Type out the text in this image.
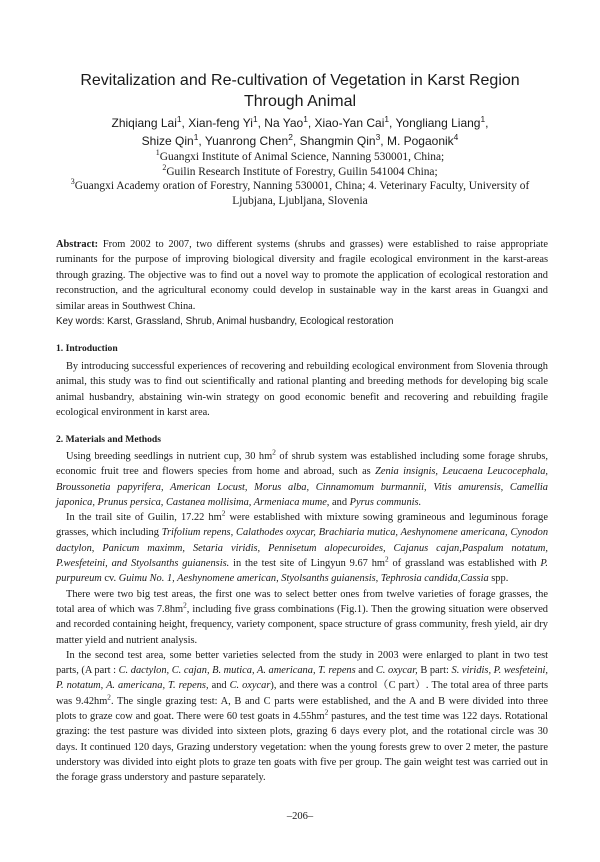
Revitalization and Re-cultivation of Vegetation in Karst Region
Through Animal
Zhiqiang Lai$^1$, Xian-feng Yi$^1$, Na Yao$^1$, Xiao-Yan Cai$^1$, Yongliang Liang$^1$,
Shize Qin$^1$, Yuanrong Chen$^2$, Shangmin Qin$^3$, M. Pogaonik$^4$
$^1$Guangxi Institute of Animal Science, Nanning 530001, China;
$^2$Guilin Research Institute of Forestry, Guilin 541004 China;
$^3$Guangxi Academy oration of Forestry, Nanning 530001, China; 4. Veterinary Faculty, University of
Ljubjana, Ljubljana, Slovenia
Abstract: From 2002 to 2007, two different systems (shrubs and grasses) were established to raise appropriate ruminants for the purpose of improving biological diversity and fragile ecological environment in the karst-areas through grazing. The objective was to find out a novel way to promote the application of ecological restoration and reconstruction, and the agricultural economy could develop in sustainable way in the karst areas in Guangxi and similar areas in Southwest China.
Key words: Karst, Grassland, Shrub, Animal husbandry, Ecological restoration
1. Introduction

By introducing successful experiences of recovering and rebuilding ecological environment from Slovenia through animal, this study was to find out scientifically and rational planting and breeding methods for developing big scale animal husbandry, abstaining win-win strategy on good economic benefit and recovering and rebuilding fragile ecological environment in karst area.

2. Materials and Methods

Using breeding seedlings in nutrient cup, 30 $hm^2$ of shrub system was established including some forage shrubs, economic fruit tree and flowers species from home and abroad, such as Zenia insignis, Leucaena Leucocephala, Broussonetia papyrifera, American Locust, Morus alba, Cinnamomum burmannii, Vitis amurensis, Camellia japonica, Prunus persica, Castanea mollisima, Armeniaca mume, and Pyrus communis.

In the trail site of Guilin, 17.22 $hm^2$ were established with mixture sowing gramineous and leguminous forage grasses, which including Trifolium repens, Calathodes oxycar, Brachiaria mutica, Aeshynomene americana, Cynodon dactylon, Panicum maximm, Setaria viridis, Pennisetum alopecuroides, Cajanus cajan,Paspalum notatum, P.wesfeteini, and Styolsanths guianensis. in the test site of Lingyun 9.67 $hm^2$ of grassland was established with P. purpureum cv. Guimu No. 1, Aeshynomene american, Styolsanths guianensis, Tephrosia candida,Cassia spp.

There were two big test areas, the first one was to select better ones from twelve varieties of forage grasses, the total area of which was $7.8hm^2$, including five grass combinations (Fig.1). Then the growing situation were observed and recorded containing height, frequency, variety component, space structure of grass community, fresh yield, air dry matter yield and nutrient analysis.

In the second test area, some better varieties selected from the study in 2003 were enlarged to plant in two test parts, (A part : C. dactylon, C. cajan, B. mutica, A. americana, T. repens and C. oxycar, B part: S. viridis, P. wesfeteini, P. notatum, A. americana, T. repens, and C. oxycar), and there was a control（C part）. The total area of three parts was $9.42hm^2$. The single grazing test: A, B and C parts were established, and the A and B were divided into three plots to graze cow and goat. There were 60 test goats in $4.55hm^2$ pastures, and the test time was 122 days. Rotational grazing: the test pasture was divided into sixteen plots, grazing 6 days every plot, and the rotational circle was 30 days. It continued 120 days, Grazing understory vegetation: when the young forests grew to over 2 meter, the pasture understory was divided into eight plots to graze ten goats with five per group. The gain weight test was carried out in the forage grass understory and pasture separately.

–206–
